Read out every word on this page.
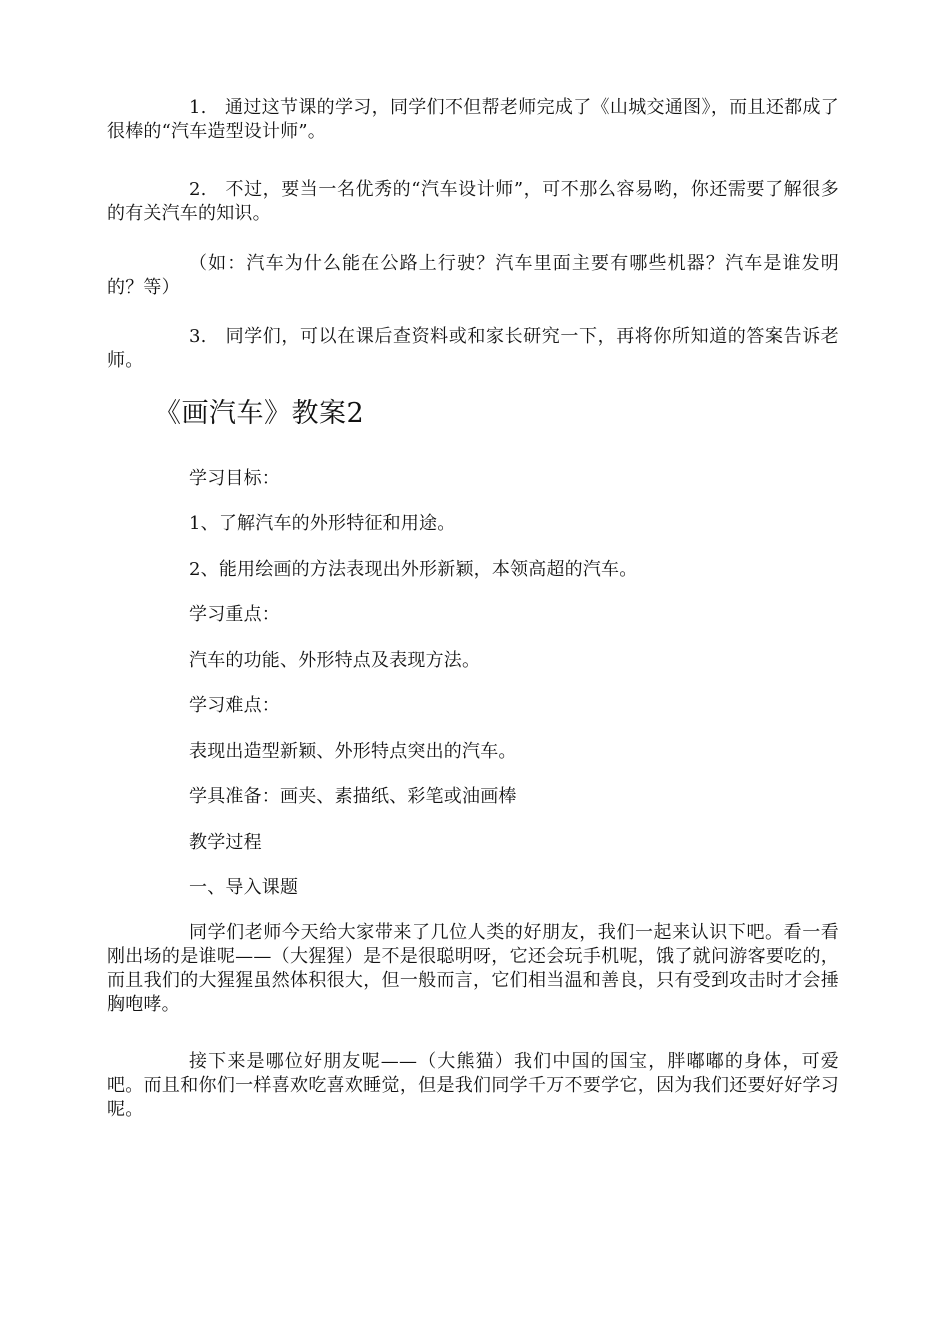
1.　通过这节课的学习，同学们不但帮老师完成了《山城交通图》，而且还都成了很棒的“汽车造型设计师”。

2.　不过，要当一名优秀的“汽车设计师”，可不那么容易哟，你还需要了解很多的有关汽车的知识。

（如：汽车为什么能在公路上行驶？汽车里面主要有哪些机器？汽车是谁发明的？等）

3.　同学们，可以在课后查资料或和家长研究一下，再将你所知道的答案告诉老师。

《画汽车》教案2
学习目标：
1、了解汽车的外形特征和用途。
2、能用绘画的方法表现出外形新颖，本领高超的汽车。
学习重点：
汽车的功能、外形特点及表现方法。
学习难点：
表现出造型新颖、外形特点突出的汽车。
学具准备：画夹、素描纸、彩笔或油画棒
教学过程
一、导入课题

同学们老师今天给大家带来了几位人类的好朋友，我们一起来认识下吧。看一看刚出场的是谁呢——（大猩猩）是不是很聪明呀，它还会玩手机呢，饿了就问游客要吃的，而且我们的大猩猩虽然体积很大，但一般而言，它们相当温和善良，只有受到攻击时才会捶胸咆哮。

接下来是哪位好朋友呢——（大熊猫）我们中国的国宝，胖嘟嘟的身体，可爱吧。而且和你们一样喜欢吃喜欢睡觉，但是我们同学千万不要学它，因为我们还要好好学习呢。
